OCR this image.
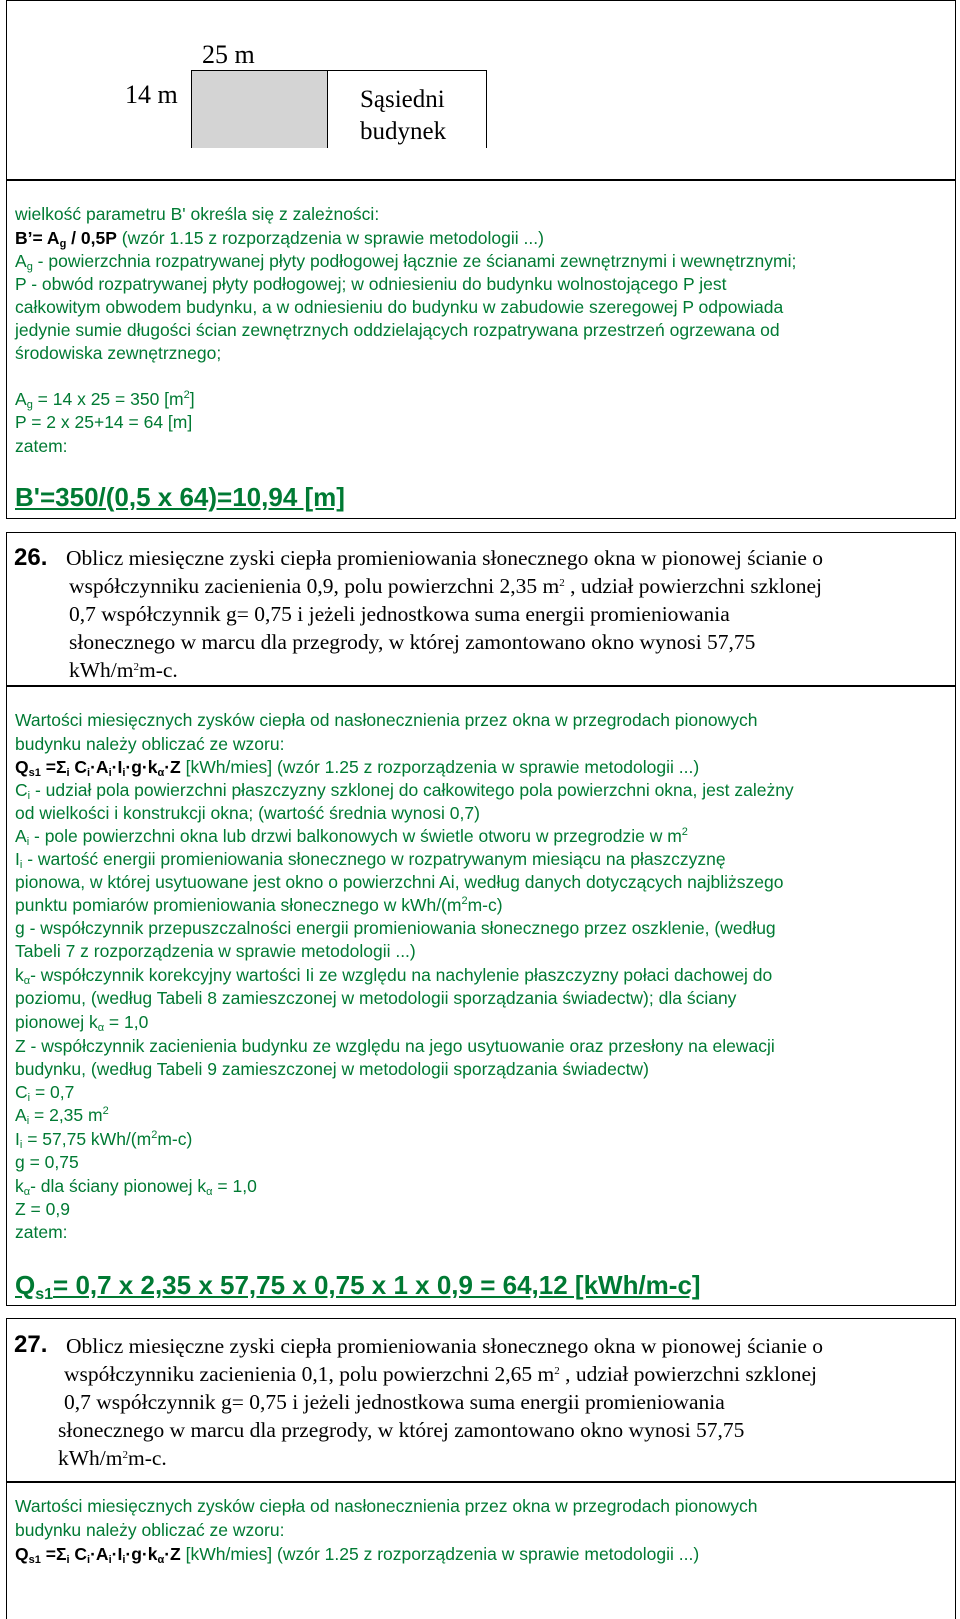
25 m
14 m	Sąsiedni
budynek
wielkość parametru B' określa się z zależności:
B’= $A_g / 0,5P$ (wzór 1.15 z rozporządzenia w sprawie metodologii ...)
$A_g$ - powierzchnia rozpatrywanej płyty podłogowej łącznie ze ścianami zewnętrznymi i wewnętrznymi;
P - obwód rozpatrywanej płyty podłogowej; w odniesieniu do budynku wolnostojącego P jest
całkowitym obwodem budynku, a w odniesieniu do budynku w zabudowie szeregowej P odpowiada
jedynie sumie długości ścian zewnętrznych oddzielających rozpatrywana przestrzeń ogrzewana od
środowiska zewnętrznego;
$A_g = 14$ x 25 = 350 $[m^2]$
P = 2 x 25+14 = 64 [m]
zatem:
B'=350/(0,5 x 64)=10,94 [m]
26. Oblicz miesięczne zyski ciepła promieniowania słonecznego okna w pionowej ścianie o
współczynniku zacienienia 0,9, polu powierzchni 2,35 $m^2$ , udział powierzchni szklonej
0,7 współczynnik g= 0,75 i jeżeli jednostkowa suma energii promieniowania
słonecznego w marcu dla przegrody, w której zamontowano okno wynosi 57,75
kWh/$m^2m-c$.
Wartości miesięcznych zysków ciepła od nasłonecznienia przez okna w przegrodach pionowych
budynku należy obliczać ze wzoru:
$Q_{s1} =\Sigma_i$ $C_i\cdot A_i\cdot I_i\cdot g\cdot k_\alpha\cdot Z$ [kWh/mies] (wzór 1.25 z rozporządzenia w sprawie metodologii ...)
$C_i$ - udział pola powierzchni płaszczyzny szklonej do całkowitego pola powierzchni okna, jest zależny
od wielkości i konstrukcji okna; (wartość średnia wynosi 0,7)
$A_i$ - pole powierzchni okna lub drzwi balkonowych w świetle otworu w przegrodzie w $m^2$
$I_i$ - wartość energii promieniowania słonecznego w rozpatrywanym miesiącu na płaszczyznę
pionowa, w której usytuowane jest okno o powierzchni Ai, według danych dotyczących najbliższego
punktu pomiarów promieniowania słonecznego w kWh/$(m^2m-c)$
g - współczynnik przepuszczalności energii promieniowania słonecznego przez oszklenie, (według
Tabeli 7 z rozporządzenia w sprawie metodologii ...)
$k_\alpha-$ współczynnik korekcyjny wartości Ii ze względu na nachylenie płaszczyzny połaci dachowej do
poziomu, (według Tabeli 8 zamieszczonej w metodologii sporządzania świadectw); dla ściany
pionowej $k_\alpha = 1,0$
Z - współczynnik zacienienia budynku ze względu na jego usytuowanie oraz przesłony na elewacji
budynku, (według Tabeli 9 zamieszczonej w metodologii sporządzania świadectw)
$C_i = 0,7$
$A_i = 2,35$ $m^2$
$I_i = 57,75$ kWh/$(m^2m-c)$
g = 0,75
$k_\alpha-$ dla ściany pionowej $k_\alpha = 1,0$
Z = 0,9
zatem:
$Q_{s1}= 0,7$ x 2,35 x 57,75 x 0,75 x 1 x 0,9 = 64,12 [kWh/m-c]
27. Oblicz miesięczne zyski ciepła promieniowania słonecznego okna w pionowej ścianie o
współczynniku zacienienia 0,1, polu powierzchni 2,65 $m^2$ , udział powierzchni szklonej
0,7 współczynnik g= 0,75 i jeżeli jednostkowa suma energii promieniowania
słonecznego w marcu dla przegrody, w której zamontowano okno wynosi 57,75
kWh/$m^2m-c$.
Wartości miesięcznych zysków ciepła od nasłonecznienia przez okna w przegrodach pionowych
budynku należy obliczać ze wzoru:
$Q_{s1} =\Sigma_i$ $C_i\cdot A_i\cdot I_i\cdot g\cdot k_\alpha\cdot Z$ [kWh/mies] (wzór 1.25 z rozporządzenia w sprawie metodologii ...)
